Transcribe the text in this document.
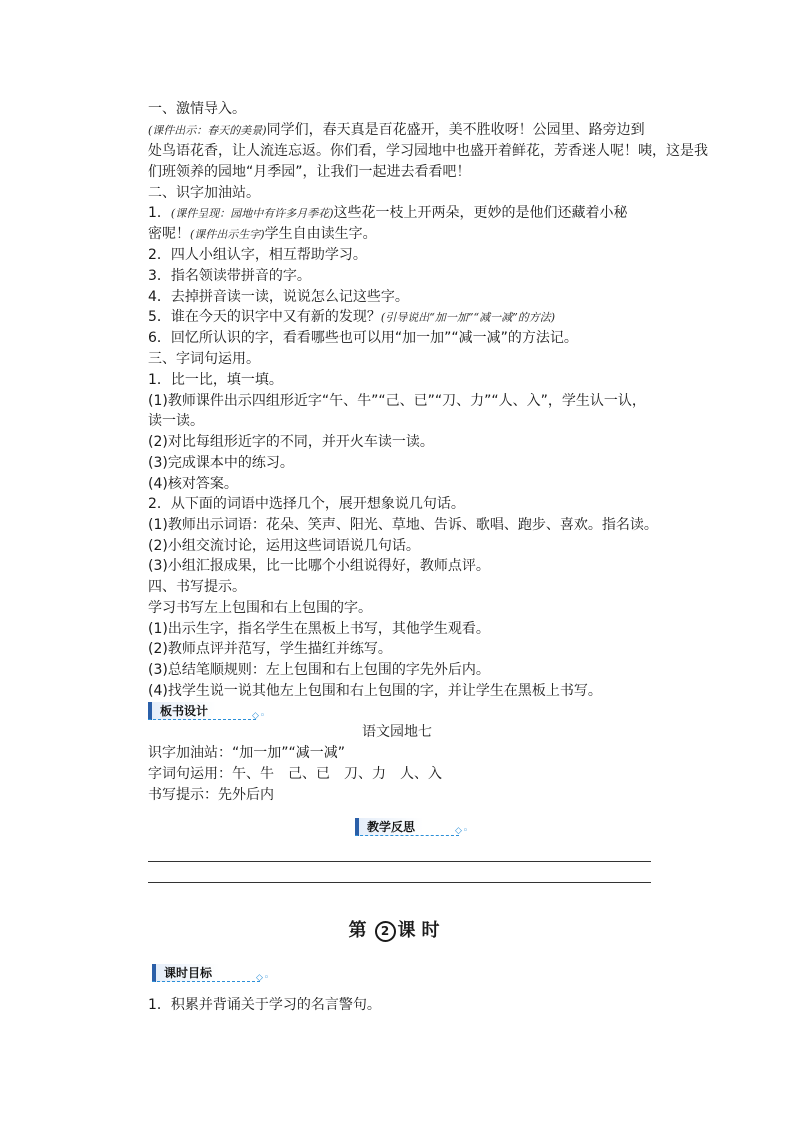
一、激情导入。
(课件出示：春天的美景)同学们，春天真是百花盛开，美不胜收呀！公园里、路旁边到
处鸟语花香，让人流连忘返。你们看，学习园地中也盛开着鲜花，芳香迷人呢！咦，这是我
们班领养的园地“月季园”，让我们一起进去看看吧！
二、识字加油站。
1．(课件呈现：园地中有许多月季花)这些花一枝上开两朵，更妙的是他们还藏着小秘
密呢！(课件出示生字)学生自由读生字。
2．四人小组认字，相互帮助学习。
3．指名领读带拼音的字。
4．去掉拼音读一读，说说怎么记这些字。
5．谁在今天的识字中又有新的发现？(引导说出“加一加”“减一减”的方法)
6．回忆所认识的字，看看哪些也可以用“加一加”“减一减”的方法记。
三、字词句运用。
1．比一比，填一填。
(1)教师课件出示四组形近字“午、牛”“己、已”“刀、力”“人、入”，学生认一认，
读一读。
(2)对比每组形近字的不同，并开火车读一读。
(3)完成课本中的练习。
(4)核对答案。
2．从下面的词语中选择几个，展开想象说几句话。
(1)教师出示词语：花朵、笑声、阳光、草地、告诉、歌唱、跑步、喜欢。指名读。
(2)小组交流讨论，运用这些词语说几句话。
(3)小组汇报成果，比一比哪个小组说得好，教师点评。
四、书写提示。
学习书写左上包围和右上包围的字。
(1)出示生字，指名学生在黑板上书写，其他学生观看。
(2)教师点评并范写，学生描红并练写。
(3)总结笔顺规则：左上包围和右上包围的字先外后内。
(4)找学生说一说其他左上包围和右上包围的字，并让学生在黑板上书写。
板书设计	◇◦
语文园地七
识字加油站：“加一加”“减一减”
字词句运用：午、牛　己、已　刀、力　人、入
书写提示：先外后内
教学反思	◇◦
第 2 课时
课时目标	◇◦
1．积累并背诵关于学习的名言警句。
